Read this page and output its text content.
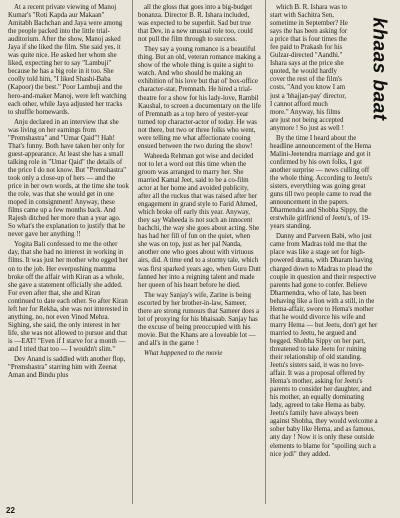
khaas baat

At a recent private viewing of Manoj Kumar's "Roti Kapda aur Makaan" Amitabh Bachchan and Jaya were among the people packed into the little trial-auditorium. After the show, Manoj asked Jaya if she liked the film. She said yes, it was quite nice. He asked her whom she liked, expecting her to say "Lambuji" because he has a big role in it too. She coolly told him, "I liked Shashi-Baba (Kapoor) the best." Poor Lambuji and the hero-and-maker Manoj, were left watching each other, while Jaya adjusted her tracks to shuffle homewards.

Anju declared in an interview that she was living on her earnings from "Premshastra" and "Umar Qaid"! Hah! That's funny. Both have taken her only for guest-appearance. At least she has a small talking role in "Umar Qaid" the details of the price I do not know. But "Premshastra" took only a close-up of hers — and the price in her own words, at the time she took the role, was that she would get in one moped in consignment! Anyway, these films came up a few months back. And Rajesh ditched her more than a year ago. So what's the explanation to justify that he never gave her anything !!

Yogita Bali confessed to me the other day, that she had no interest in working in films. It was just her mother who egged her on to the job. Her everpushing mamma broke off the affair with Kiran as a whole, she gave a statement officially she added. For even after that, she and Kiran continued to date each other. So after Kiran left her for Rekha, she was not interested in anything, no, not even Vinod Mehra. Sighing, she said, the only interest in her life, she was not allowed to pursue and that is —EAT! "Even if I starve for a month — and I tried that too — I wouldn't slim."

Dev Anand is saddled with another flop, "Premshastra" starring him with Zeenat Aman and Bindu plus

all the gloss that goes into a big-budget bonanza. Director B. R. Ishara included, was expected to be superhit. Sad but true that Dev, in a new unusual role too, could not pull the film through to success.

They say a young romance is a beautiful thing. But an old, veteran romance making a show of the whole thing is quite a sight to watch. And who should be making an exhibition of his love but that ol' box-office character-star, Premnath. He hired a trial-theatre for a show for his lady-love, Rambil Kaushal, to screen a documentary on the life of Premnath as a top hero of yester-year turned top character-actor of today. He was not there, but two or three folks who went, were telling me what affectionate cooing ensued between the two during the show!

Waheeda Rehman got wise and decided not to let a word out this time when the groom was arranged to marry her. She married Kamal Jeet, said to be a co-film actor at her home and avoided publicity, after all the ruckus that was raised after her engagement in grand style to Farid Ahmed, which broke off early this year. Anyway, they say Waheeda is not such an innocent bachchi, the way she goes about acting. She has had her fill of fun on the quiet, when she was on top, just as her pal Nanda, another one who goes about with virtuous airs, did. A time end to a stormy tale, which was first sparked years ago, when Guru Dutt fanned her into a reigning talent and made her queen of his heart before he died.

The way Sanjay's wife, Zarine is being escorted by her brother-in-law, Sameer, there are strong rumours that Sameer does a lot of proxying for his bhaisaab. Sanjay has the excuse of being preoccupied with his movie. But the Khans are a loveable lot — and all's in the game !

What happened to the movie

which B. R. Ishara was to start with Sachitra Sen, sometime in September? He says the has been asking for a price that is four times the fee paid to Prakash for his Gulzar-directed "Aandhi." Ishara says at the price she quoted, he would hardly cover the rest of the film's costs. "And you know I am just a 'bhajjan-pay' director, I cannot afford much more." Anyway, his films are just not being accepted anymore ! So just as well !

By the time I heard about the headline announcement of the Hema Malini-Jeetendra marriage and got it confirmed by his own folks, I got another surprise — news culling off the whole thing. According to Jeetu's sisters, everything was going great guns till two people came to read the announcement in the papers. Dharmendra and Shobha Sippy, the erstwhile girlfriend of Jeetu's, of 19-years standing.

Danny and Parveen Babi, who just came from Madras told me that the place was like a stage set for high-powered drama, with Dharam having charged down to Madras to plead the couple in question and their respective parents had gone to confer. Believe Dharmendra, who of late, has been behaving like a lion with a still, in the Hema-affair, swore to Hema's mother that he would divorce his wife and marry Hema — but Jeetu, don't get her married to Jeetu, he argued and begged. Shobha Sippy on her part, threatened to take Jeetu for ruining their relationship of old standing. Jeetu's sisters said, it was no love-affair. It was a proposal offered by Hema's mother, asking for Jeetu's parents to consider her daughter, and his mother, an equally dominating lady, agreed to take Hema as baby. Jeetu's family have always been against Shobha, they would welcome a sober baby like Hema, and as famous, any day ! Now it is only these outside elements to blame for "spoiling such a nice jodi" they added.

22
